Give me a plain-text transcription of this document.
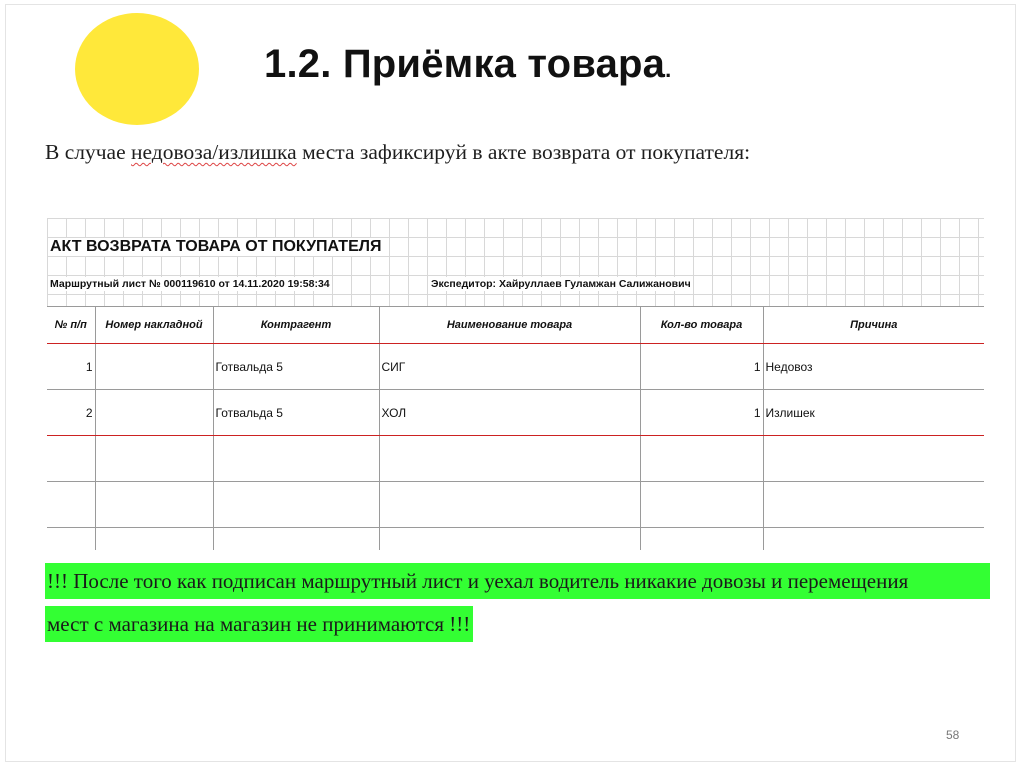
1.2. Приёмка товара.
В случае недовоза/излишка места зафиксируй в акте возврата от покупателя:
АКТ ВОЗВРАТА ТОВАРА ОТ ПОКУПАТЕЛЯ
Маршрутный лист № 000119610 от 14.11.2020 19:58:34	Экспедитор: Хайруллаев Гуламжан Салижанович
№ п/п	Номер накладной	Контрагент	Наименование товара	Кол-во товара	Причина
1		Готвальда 5	СИГ	1	Недовоз
2		Готвальда 5	ХОЛ	1	Излишек

!!! После того как подписан маршрутный лист и уехал водитель никакие довозы и перемещения
мест с магазина на магазин не принимаются !!!
58
